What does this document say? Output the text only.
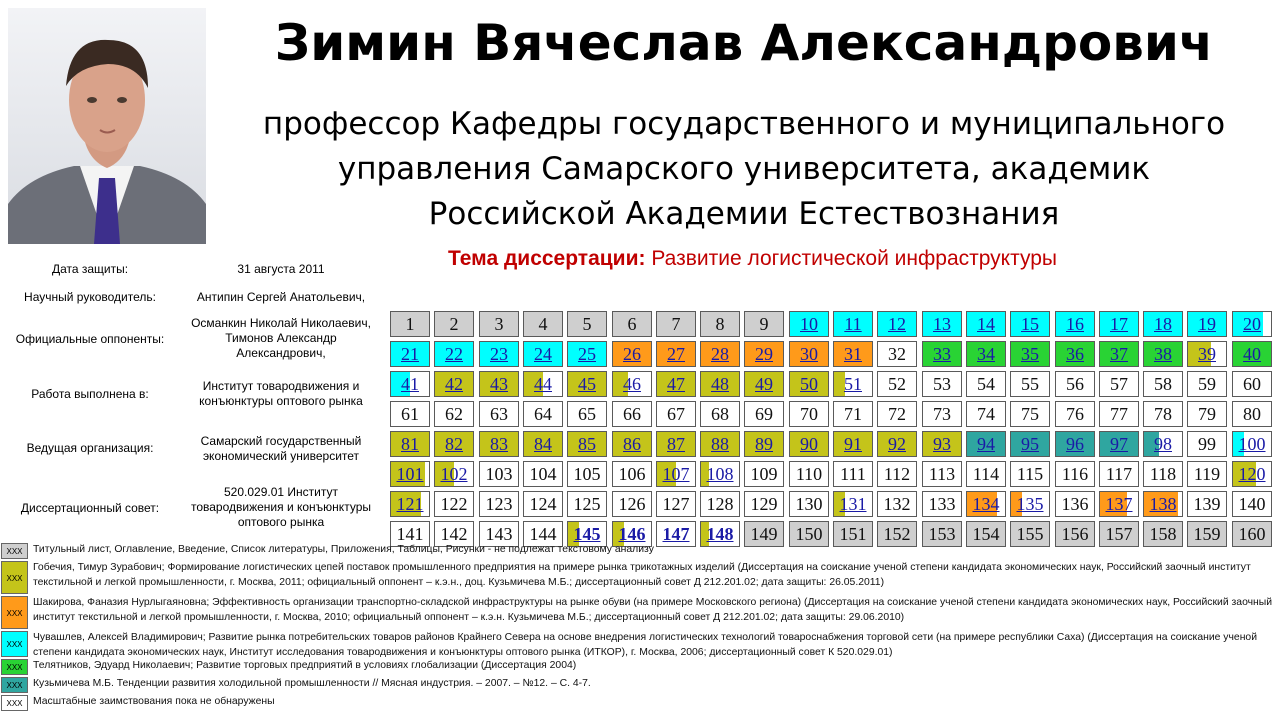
Зимин Вячеслав Александрович
профессор Кафедры государственного и муниципального
управления Самарского университета, академик
Российской Академии Естествознания
Тема диссертации: Развитие логистической инфраструктуры
Дата защиты:	31 августа 2011
Научный руководитель:	Антипин Сергей Анатольевич,
Официальные оппоненты:
Османкин Николай Николаевич, Тимонов Александр Александрович,
Работа выполнена в:
Институт товародвижения и конъюнктуры оптового рынка
Ведущая организация:	Самарский государственный экономический университет
Диссертационный совет:
520.029.01 Институт товародвижения и конъюнктуры оптового рынка
1	2	3	4	5	6	7	8	9	10	11	12	13	14	15	16	17	18	19	20
21	22	23	24	25	26	27	28	29	30	31	32	33	34	35	36	37	38	39	40
41	42	43	44	45	46	47	48	49	50	51	52	53	54	55	56	57	58	59	60
61	62	63	64	65	66	67	68	69	70	71	72	73	74	75	76	77	78	79	80
81	82	83	84	85	86	87	88	89	90	91	92	93	94	95	96	97	98	99	100
101 102	103 104 105	106 107 108 109	110 111	112	113 114 115	116 117 118 119	120
121 122	123 124 125	126 127 128 129	130 131 132	133 134 135	136 137 138 139	140
141 142	143 144 145	146 147 148 149	150 151 152	153 154 155	156 157 158 159	160
ХХХ	Титульный лист, Оглавление, Введение, Список литературы, Приложения, Таблицы, Рисунки - не подлежат текстовому анализу
ХХХ
Гобечия, Тимур Зурабович; Формирование логистических цепей поставок промышленного предприятия на примере рынка трикотажных изделий (Диссертация на соискание ученой степени кандидата экономических наук, Российский заочный институт текстильной и легкой промышленности, г. Москва, 2011; официальный оппонент – к.э.н., доц. Кузьмичева М.Б.; диссертационный совет Д 212.201.02; дата защиты: 26.05.2011)
ХХХ
Шакирова, Фаназия Нурлыгаяновна; Эффективность организации транспортно-складской инфраструктуры на рынке обуви (на примере Московского региона) (Диссертация на соискание ученой степени кандидата экономических наук, Российский заочный институт текстильной и легкой промышленности, г. Москва, 2010; официальный оппонент – к.э.н. Кузьмичева М.Б.; диссертационный совет Д 212.201.02; дата защиты: 29.06.2010)
ХХХ
Чувашлев, Алексей Владимирович; Развитие рынка потребительских товаров районов Крайнего Севера на основе внедрения логистических технологий товароснабжения торговой сети (на примере республики Саха) (Диссертация на соискание ученой степени кандидата экономических наук, Институт исследования товародвижения и конъюнктуры оптового рынка (ИТКОР), г. Москва, 2006; диссертационный совет К 520.029.01)
ХХХ	Телятников, Эдуард Николаевич; Развитие торговых предприятий в условиях глобализации (Диссертация 2004)
ХХХ	Кузьмичева М.Б. Тенденции развития холодильной промышленности // Мясная индустрия. – 2007. – №12. – С. 4-7.
ХХХ	Масштабные заимствования пока не обнаружены
